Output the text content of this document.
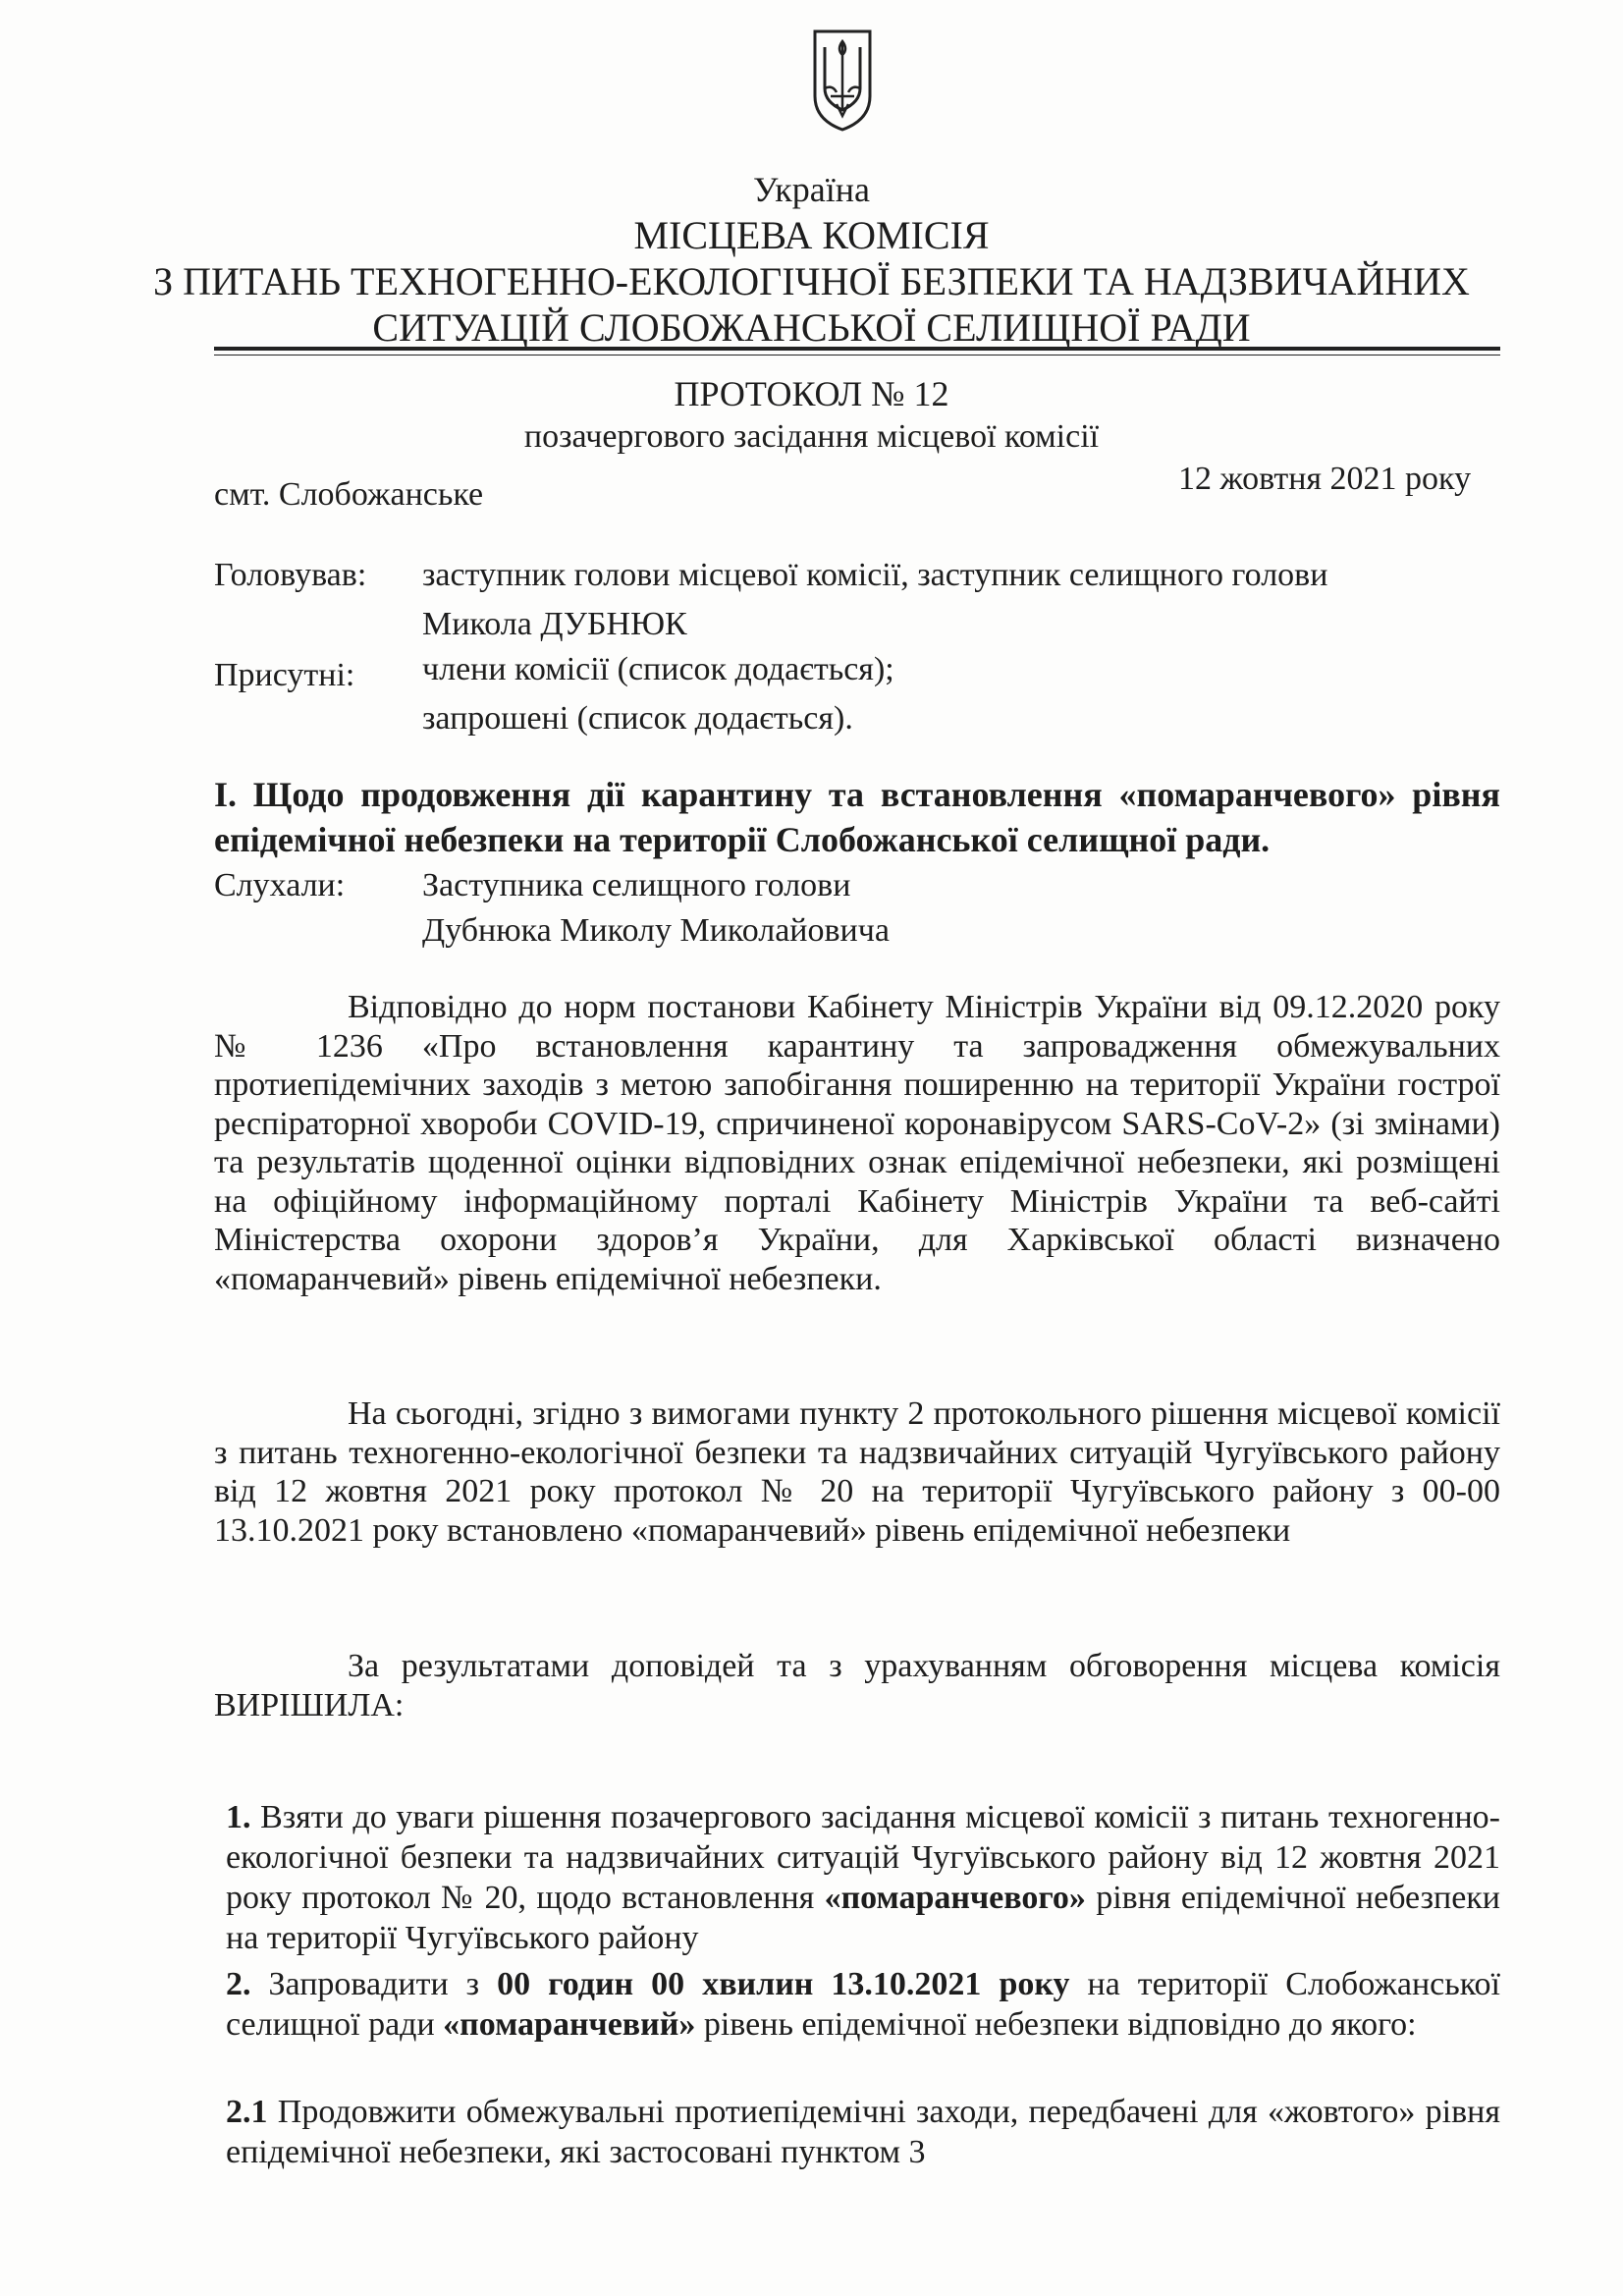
Україна
МІСЦЕВА КОМІСІЯ
З ПИТАНЬ ТЕХНОГЕННО-ЕКОЛОГІЧНОЇ БЕЗПЕКИ ТА НАДЗВИЧАЙНИХ
СИТУАЦІЙ СЛОБОЖАНСЬКОЇ СЕЛИЩНОЇ РАДИ
ПРОТОКОЛ № 12
позачергового засідання місцевої комісії
смт. Слобожанське	12 жовтня 2021 року
Головував: заступник голови місцевої комісії, заступник селищного голови
Микола ДУБНЮК
Присутні: члени комісії (список додається);
запрошені (список додається).
І. Щодо продовження дії карантину та встановлення «помаранчевого» рівня епідемічної небезпеки на території Слобожанської селищної ради.
Слухали: Заступника селищного голови
Дубнюка Миколу Миколайовича
Відповідно до норм постанови Кабінету Міністрів України від 09.12.2020 року № 1236 «Про встановлення карантину та запровадження обмежувальних протиепідемічних заходів з метою запобігання поширенню на території України гострої респіраторної хвороби COVID-19, спричиненої коронавірусом SARS-CoV-2» (зі змінами) та результатів щоденної оцінки відповідних ознак епідемічної небезпеки, які розміщені на офіційному інформаційному порталі Кабінету Міністрів України та веб-сайті Міністерства охорони здоров’я України, для Харківської області визначено «помаранчевий» рівень епідемічної небезпеки.
На сьогодні, згідно з вимогами пункту 2 протокольного рішення місцевої комісії з питань техногенно-екологічної безпеки та надзвичайних ситуацій Чугуївського району від 12 жовтня 2021 року протокол № 20 на території Чугуївського району з 00-00 13.10.2021 року встановлено «помаранчевий» рівень епідемічної небезпеки
За результатами доповідей та з урахуванням обговорення місцева комісія ВИРІШИЛА:
1. Взяти до уваги рішення позачергового засідання місцевої комісії з питань техногенно-екологічної безпеки та надзвичайних ситуацій Чугуївського району від 12 жовтня 2021 року протокол № 20, щодо встановлення «помаранчевого» рівня епідемічної небезпеки на території Чугуївського району
2. Запровадити з 00 годин 00 хвилин 13.10.2021 року на території Слобожанської селищної ради «помаранчевий» рівень епідемічної небезпеки відповідно до якого:
2.1 Продовжити обмежувальні протиепідемічні заходи, передбачені для «жовтого» рівня епідемічної небезпеки, які застосовані пунктом 3
